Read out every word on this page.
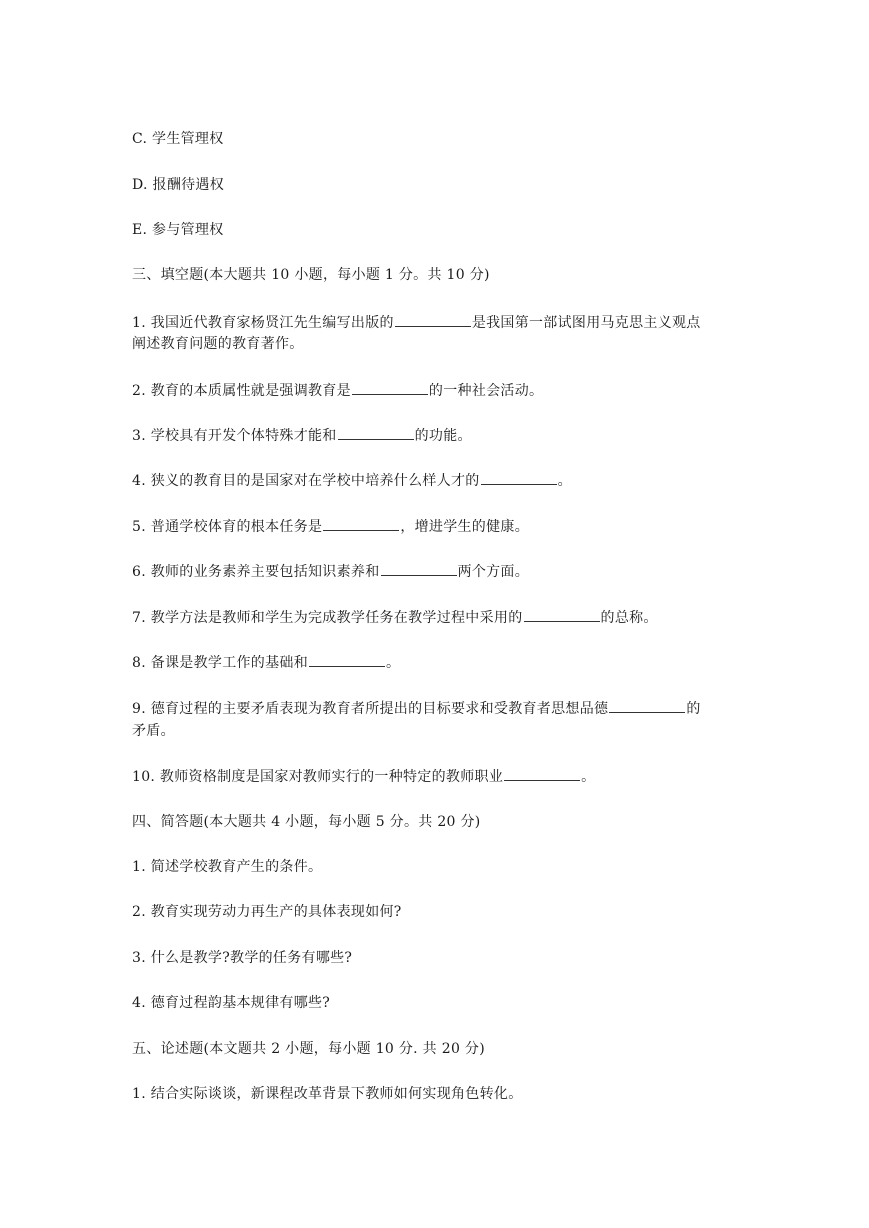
C. 学生管理权
D. 报酬待遇权
E. 参与管理权
三、填空题(本大题共 10 小题，每小题 1 分。共 10 分)
1. 我国近代教育家杨贤江先生编写出版的	是我国第一部试图用马克思主义观点
阐述教育问题的教育著作。
2. 教育的本质属性就是强调教育是	的一种社会活动。
3. 学校具有开发个体特殊才能和	的功能。
4. 狭义的教育目的是国家对在学校中培养什么样人才的	。
5. 普通学校体育的根本任务是	，增进学生的健康。
6. 教师的业务素养主要包括知识素养和	两个方面。
7. 教学方法是教师和学生为完成教学任务在教学过程中采用的	的总称。
8. 备课是教学工作的基础和	。
9. 德育过程的主要矛盾表现为教育者所提出的目标要求和受教育者思想品德	的
矛盾。
10. 教师资格制度是国家对教师实行的一种特定的教师职业	。
四、简答题(本大题共 4 小题，每小题 5 分。共 20 分)
1. 简述学校教育产生的条件。
2. 教育实现劳动力再生产的具体表现如何?
3. 什么是教学?教学的任务有哪些?
4. 德育过程韵基本规律有哪些?
五、论述题(本文题共 2 小题，每小题 10 分. 共 20 分)
1. 结合实际谈谈，新课程改革背景下教师如何实现角色转化。
